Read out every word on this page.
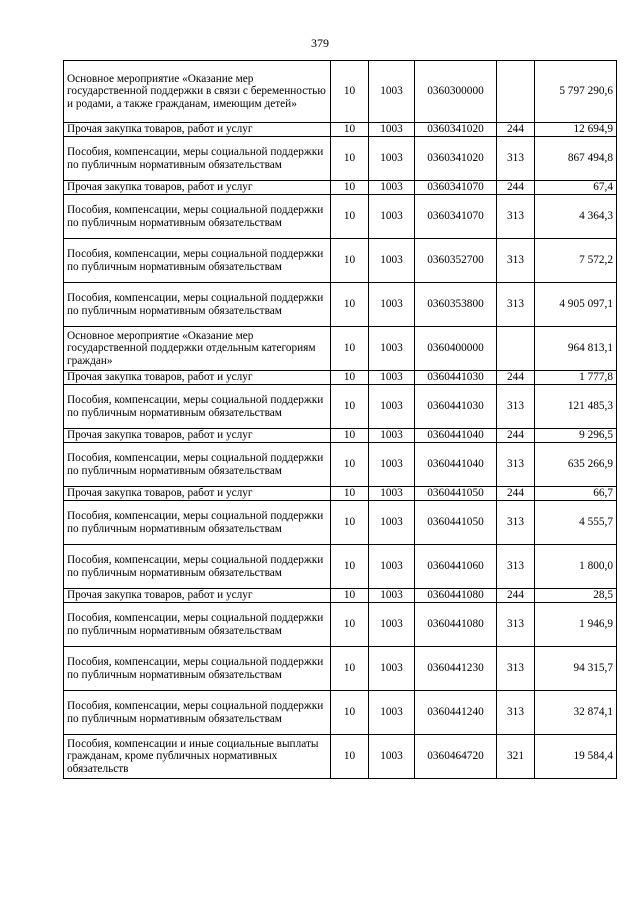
379
Основное мероприятие «Оказание мер государственной поддержки в связи с беременностью и родами, а также гражданам, имеющим детей»	10	1003	0360300000		5 797 290,6
Прочая закупка товаров, работ и услуг	10	1003	0360341020	244	12 694,9
Пособия, компенсации, меры социальной поддержки по публичным нормативным обязательствам	10	1003	0360341020	313	867 494,8
Прочая закупка товаров, работ и услуг	10	1003	0360341070	244	67,4
Пособия, компенсации, меры социальной поддержки по публичным нормативным обязательствам	10	1003	0360341070	313	4 364,3
Пособия, компенсации, меры социальной поддержки по публичным нормативным обязательствам	10	1003	0360352700	313	7 572,2
Пособия, компенсации, меры социальной поддержки по публичным нормативным обязательствам	10	1003	0360353800	313	4 905 097,1
Основное мероприятие «Оказание мер государственной поддержки отдельным категориям граждан»	10	1003	0360400000		964 813,1
Прочая закупка товаров, работ и услуг	10	1003	0360441030	244	1 777,8
Пособия, компенсации, меры социальной поддержки по публичным нормативным обязательствам	10	1003	0360441030	313	121 485,3
Прочая закупка товаров, работ и услуг	10	1003	0360441040	244	9 296,5
Пособия, компенсации, меры социальной поддержки по публичным нормативным обязательствам	10	1003	0360441040	313	635 266,9
Прочая закупка товаров, работ и услуг	10	1003	0360441050	244	66,7
Пособия, компенсации, меры социальной поддержки по публичным нормативным обязательствам	10	1003	0360441050	313	4 555,7
Пособия, компенсации, меры социальной поддержки по публичным нормативным обязательствам	10	1003	0360441060	313	1 800,0
Прочая закупка товаров, работ и услуг	10	1003	0360441080	244	28,5
Пособия, компенсации, меры социальной поддержки по публичным нормативным обязательствам	10	1003	0360441080	313	1 946,9
Пособия, компенсации, меры социальной поддержки по публичным нормативным обязательствам	10	1003	0360441230	313	94 315,7
Пособия, компенсации, меры социальной поддержки по публичным нормативным обязательствам	10	1003	0360441240	313	32 874,1
Пособия, компенсации и иные социальные выплаты гражданам, кроме публичных нормативных обязательств	10	1003	0360464720	321	19 584,4
